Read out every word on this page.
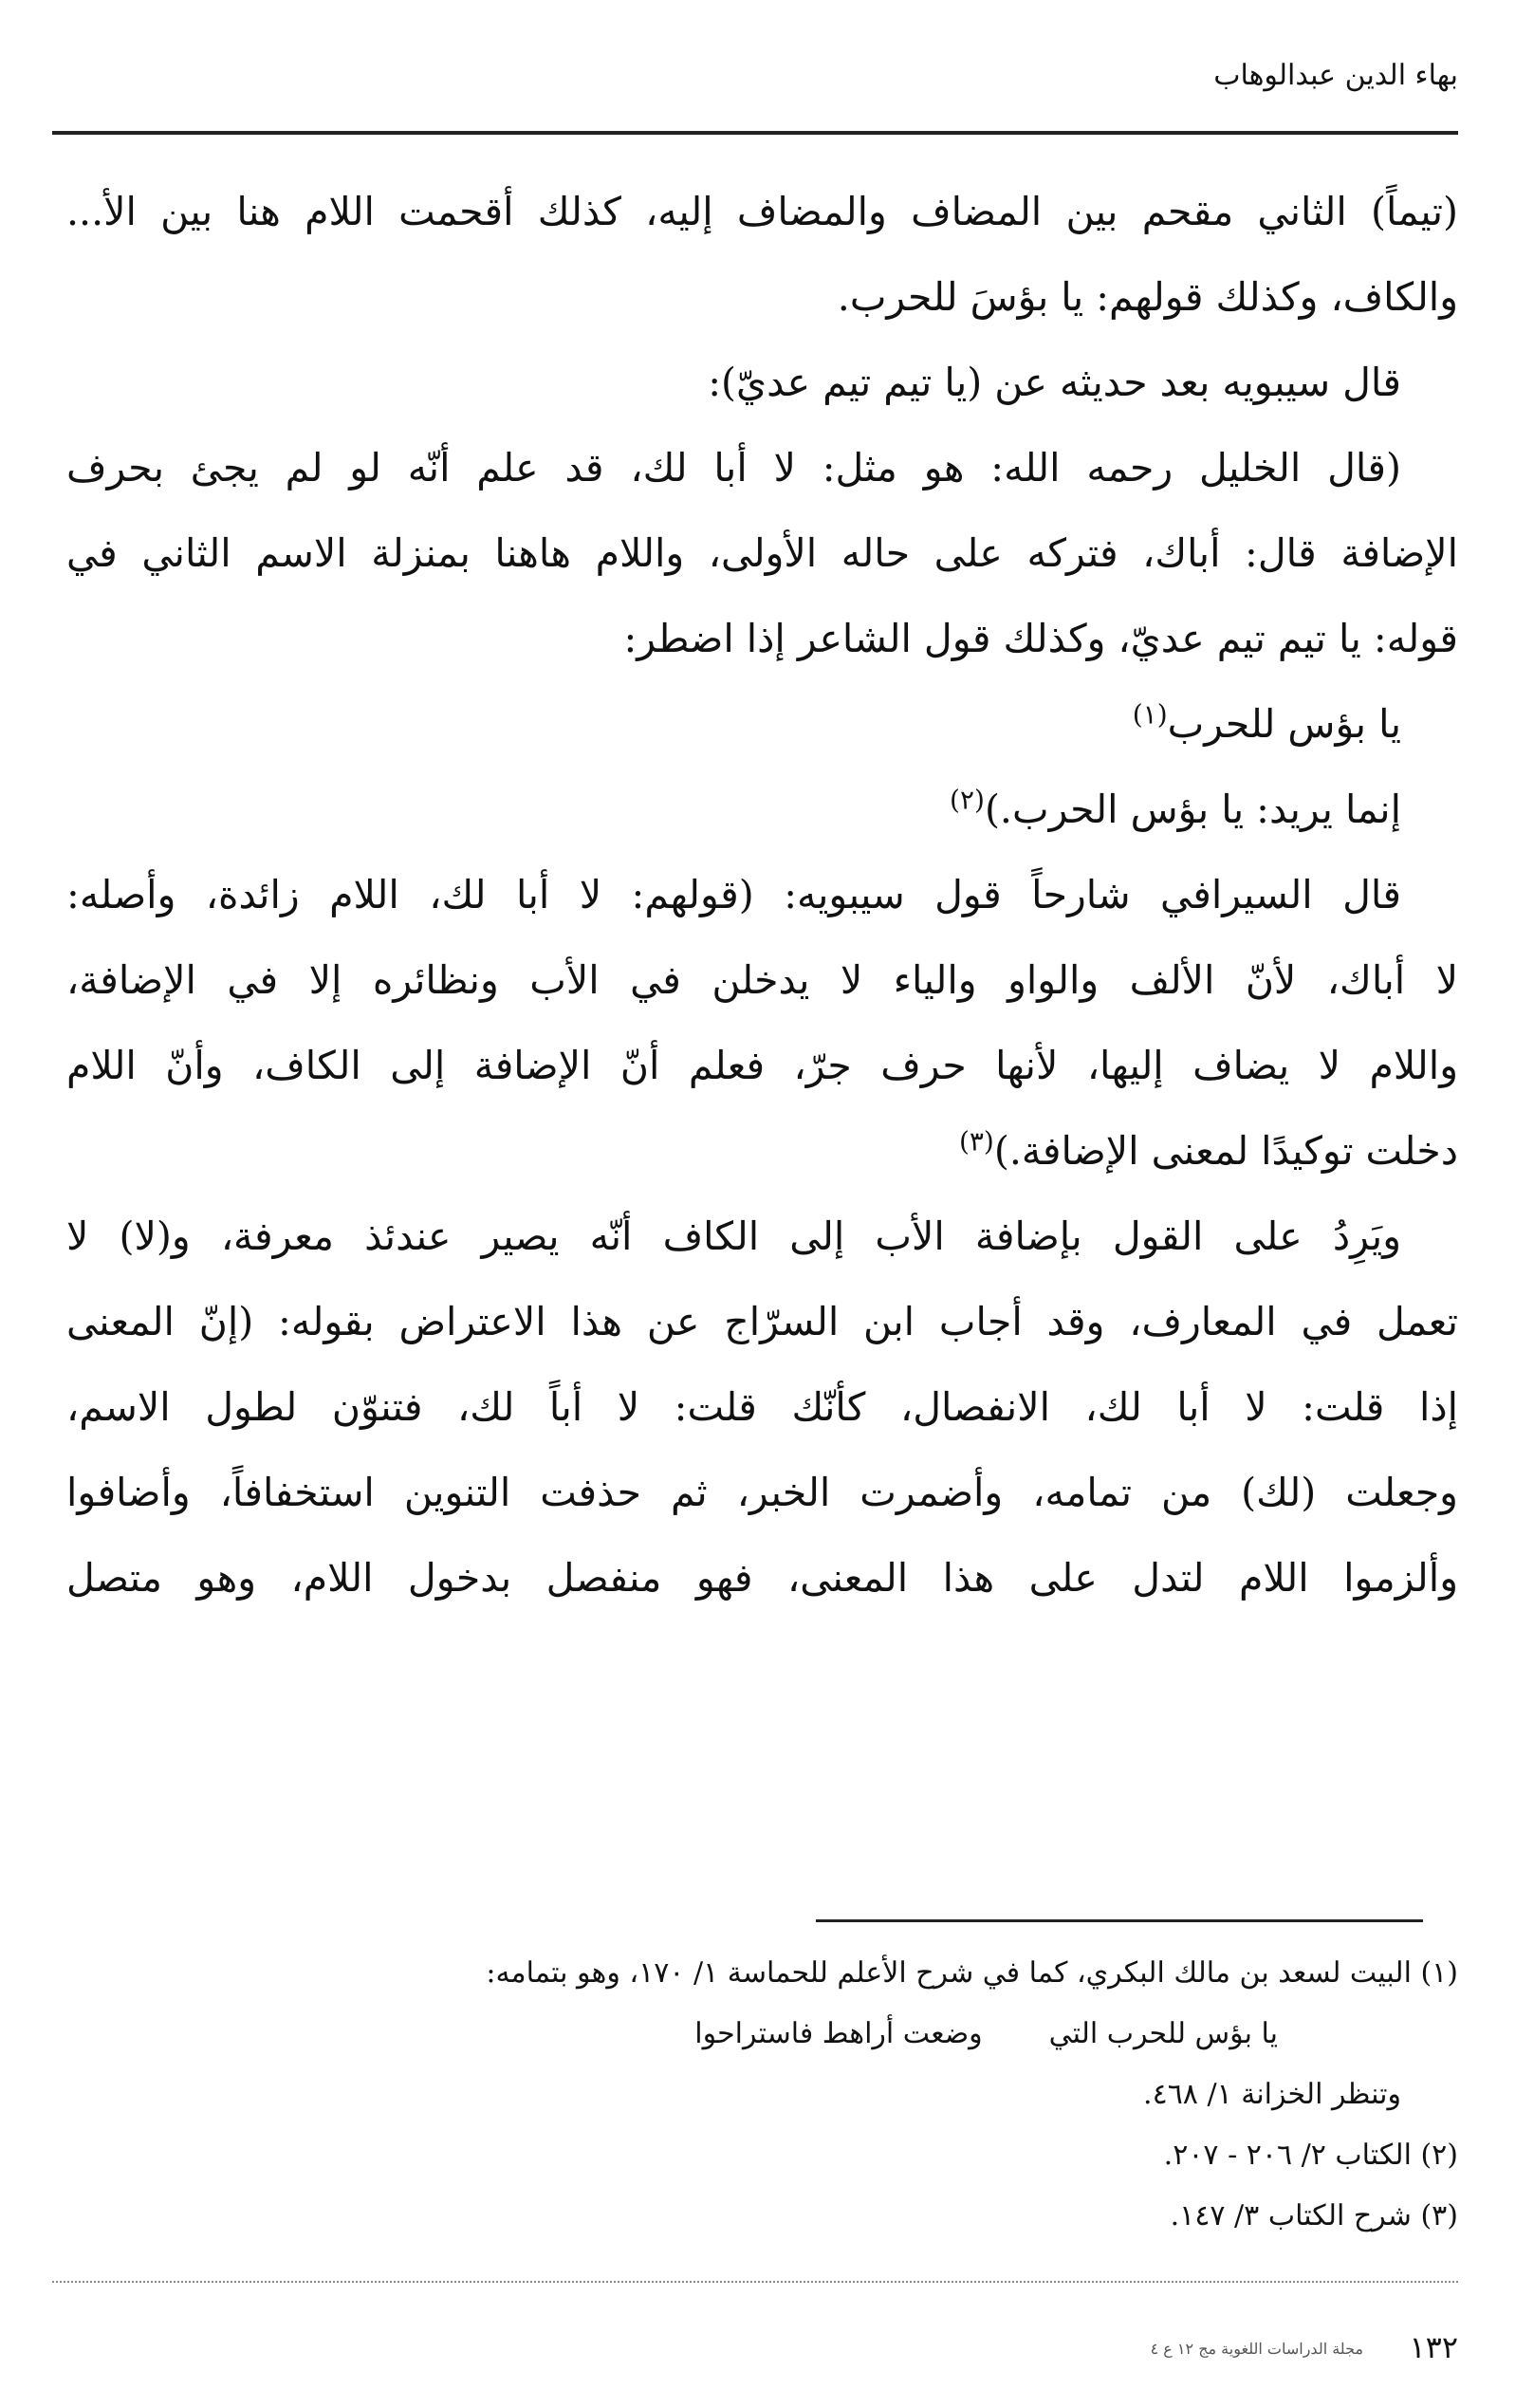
بهاء الدين عبدالوهاب
(تيماً) الثاني مقحم بين المضاف والمضاف إليه، كذلك أقحمت اللام هنا بين الأ...
والكاف، وكذلك قولهم: يا بؤسَ للحرب.
قال سيبويه بعد حديثه عن (يا تيم تيم عديّ):
(قال الخليل رحمه الله: هو مثل: لا أبا لك، قد علم أنّه لو لم يجئ بحرف
الإضافة قال: أباك، فتركه على حاله الأولى، واللام هاهنا بمنزلة الاسم الثاني في
قوله: يا تيم تيم عديّ، وكذلك قول الشاعر إذا اضطر:
يا بؤس للحرب$^{(١)}$
إنما يريد: يا بؤس الحرب.)$^{(٢)}$
قال السيرافي شارحاً قول سيبويه: (قولهم: لا أبا لك، اللام زائدة، وأصله:
لا أباك، لأنّ الألف والواو والياء لا يدخلن في الأب ونظائره إلا في الإضافة،
واللام لا يضاف إليها، لأنها حرف جرّ، فعلم أنّ الإضافة إلى الكاف، وأنّ اللام
دخلت توكيدًا لمعنى الإضافة.)$^{(٣)}$
ويَرِدُ على القول بإضافة الأب إلى الكاف أنّه يصير عندئذ معرفة، و(لا) لا
تعمل في المعارف، وقد أجاب ابن السرّاج عن هذا الاعتراض بقوله: (إنّ المعنى
إذا قلت: لا أبا لك، الانفصال، كأنّك قلت: لا أباً لك، فتنوّن لطول الاسم،
وجعلت (لك) من تمامه، وأضمرت الخبر، ثم حذفت التنوين استخفافاً، وأضافوا
وألزموا اللام لتدل على هذا المعنى، فهو منفصل بدخول اللام، وهو متصل
(١) البيت لسعد بن مالك البكري، كما في شرح الأعلم للحماسة ١/ ١٧٠، وهو بتمامه:
يا بؤس للحرب التيوضعت أراهط فاستراحوا
وتنظر الخزانة ١/ ٤٦٨.
(٢) الكتاب ٢/ ٢٠٦ - ٢٠٧.
(٣) شرح الكتاب ٣/ ١٤٧.
١٣٢
مجلة الدراسات اللغوية مج ١٢ ع ٤
